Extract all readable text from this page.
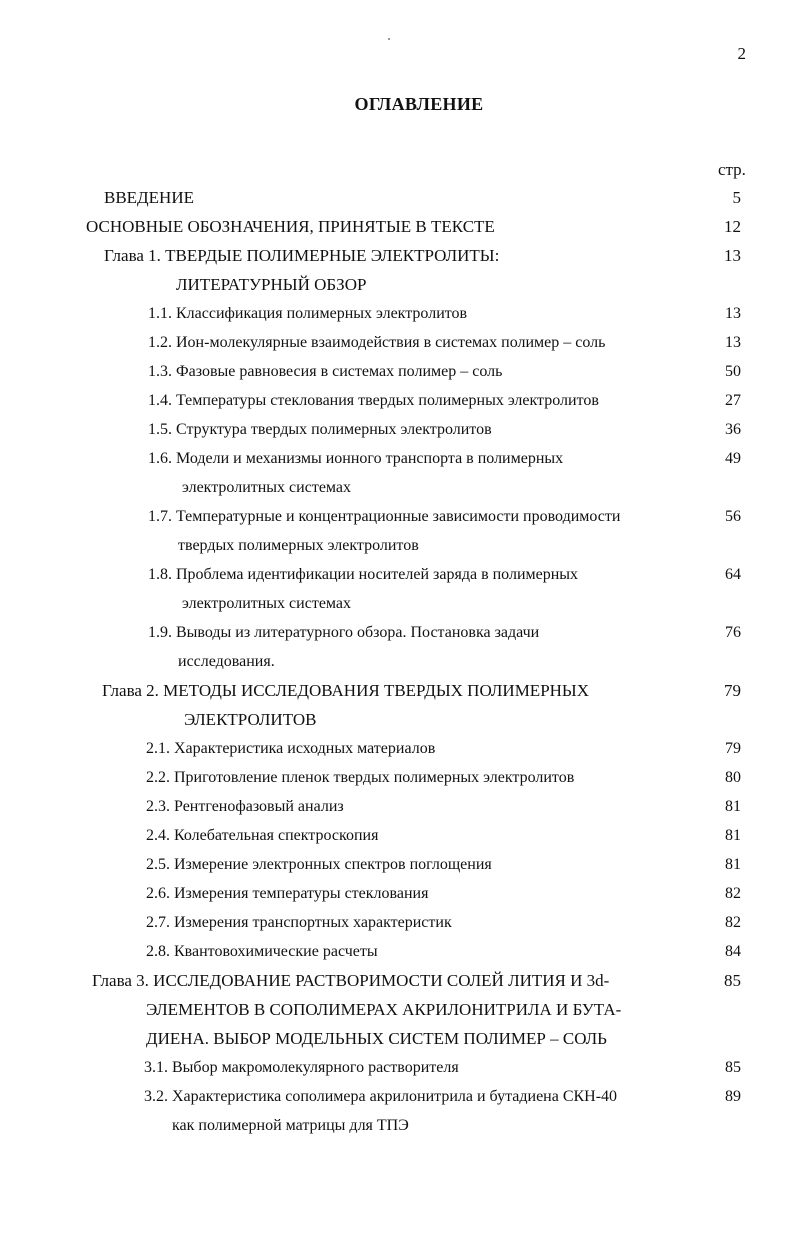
2
ОГЛАВЛЕНИЕ
стр.
ВВЕДЕНИЕ	5
ОСНОВНЫЕ ОБОЗНАЧЕНИЯ, ПРИНЯТЫЕ В ТЕКСТЕ	12
Глава 1. ТВЕРДЫЕ ПОЛИМЕРНЫЕ ЭЛЕКТРОЛИТЫ:	13
ЛИТЕРАТУРНЫЙ ОБЗОР
1.1. Классификация полимерных электролитов	13
1.2. Ион-молекулярные взаимодействия в системах полимер – соль	13
1.3. Фазовые равновесия в системах полимер – соль	50
1.4. Температуры стеклования твердых полимерных электролитов	27
1.5. Структура твердых полимерных электролитов	36
1.6. Модели и механизмы ионного транспорта в полимерных	49
электролитных системах
1.7. Температурные и концентрационные зависимости проводимости	56
твердых полимерных электролитов
1.8. Проблема идентификации носителей заряда в полимерных	64
электролитных системах
1.9. Выводы из литературного обзора. Постановка задачи	76
исследования.
Глава 2. МЕТОДЫ ИССЛЕДОВАНИЯ ТВЕРДЫХ ПОЛИМЕРНЫХ	79
ЭЛЕКТРОЛИТОВ
2.1. Характеристика исходных материалов	79
2.2. Приготовление пленок твердых полимерных электролитов	80
2.3. Рентгенофазовый анализ	81
2.4. Колебательная спектроскопия	81
2.5. Измерение электронных спектров поглощения	81
2.6. Измерения температуры стеклования	82
2.7. Измерения транспортных характеристик	82
2.8. Квантовохимические расчеты	84
Глава 3. ИССЛЕДОВАНИЕ РАСТВОРИМОСТИ СОЛЕЙ ЛИТИЯ И 3d-	85
ЭЛЕМЕНТОВ В СОПОЛИМЕРАХ АКРИЛОНИТРИЛА И БУТА-
ДИЕНА. ВЫБОР МОДЕЛЬНЫХ СИСТЕМ ПОЛИМЕР – СОЛЬ
3.1. Выбор макромолекулярного растворителя	85
3.2. Характеристика сополимера акрилонитрила и бутадиена СКН-40	89
как полимерной матрицы для ТПЭ
